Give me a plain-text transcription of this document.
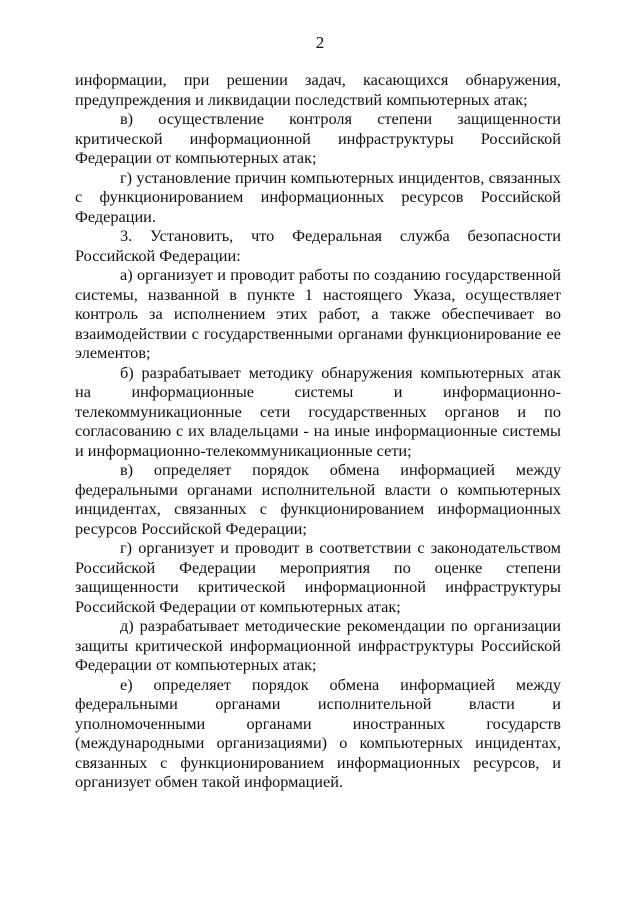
2

информации, при решении задач, касающихся обнаружения, предупреждения и ликвидации последствий компьютерных атак;

в) осуществление контроля степени защищенности критической информационной инфраструктуры Российской Федерации от компьютерных атак;

г) установление причин компьютерных инцидентов, связанных с функционированием информационных ресурсов Российской Федерации.

3. Установить, что Федеральная служба безопасности Российской Федерации:

а) организует и проводит работы по созданию государственной системы, названной в пункте 1 настоящего Указа, осуществляет контроль за исполнением этих работ, а также обеспечивает во взаимодействии с государственными органами функционирование ее элементов;

б) разрабатывает методику обнаружения компьютерных атак на информационные системы и информационно-телекоммуникационные сети государственных органов и по согласованию с их владельцами - на иные информационные системы и информационно-телекоммуникационные сети;

в) определяет порядок обмена информацией между федеральными органами исполнительной власти о компьютерных инцидентах, связанных с функционированием информационных ресурсов Российской Федерации;

г) организует и проводит в соответствии с законодательством Российской Федерации мероприятия по оценке степени защищенности критической информационной инфраструктуры Российской Федерации от компьютерных атак;

д) разрабатывает методические рекомендации по организации защиты критической информационной инфраструктуры Российской Федерации от компьютерных атак;

е) определяет порядок обмена информацией между федеральными органами исполнительной власти и уполномоченными органами иностранных государств (международными организациями) о компьютерных инцидентах, связанных с функционированием информационных ресурсов, и организует обмен такой информацией.
